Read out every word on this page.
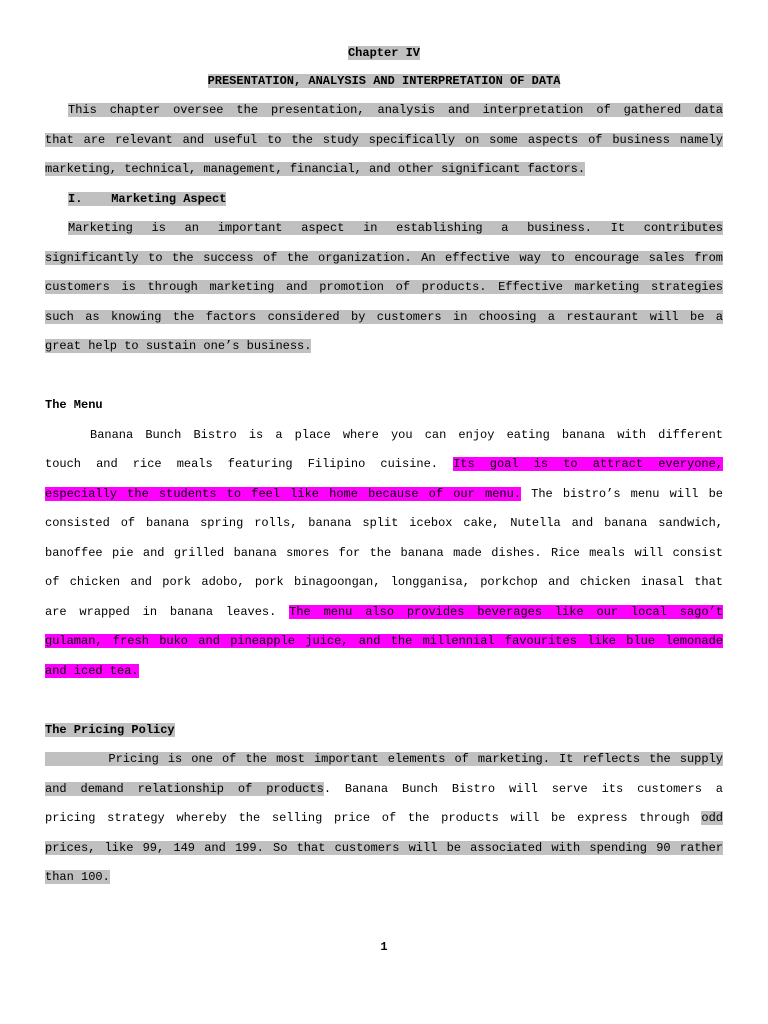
Chapter IV
PRESENTATION, ANALYSIS AND INTERPRETATION OF DATA
This chapter oversee the presentation, analysis and interpretation of gathered data
that are relevant and useful to the study specifically on some aspects of business namely
marketing, technical, management, financial, and other significant factors.
I. Marketing Aspect
Marketing is an important aspect in establishing a business. It contributes
significantly to the success of the organization. An effective way to encourage sales from
customers is through marketing and promotion of products. Effective marketing strategies
such as knowing the factors considered by customers in choosing a restaurant will be a
great help to sustain one’s business.
The Menu
Banana Bunch Bistro is a place where you can enjoy eating banana with different
touch and rice meals featuring Filipino cuisine. Its goal is to attract everyone,
especially the students to feel like home because of our menu. The bistro’s menu will be
consisted of banana spring rolls, banana split icebox cake, Nutella and banana sandwich,
banoffee pie and grilled banana smores for the banana made dishes. Rice meals will consist
of chicken and pork adobo, pork binagoongan, longganisa, porkchop and chicken inasal that
are wrapped in banana leaves. The menu also provides beverages like our local sago’t
gulaman, fresh buko and pineapple juice, and the millennial favourites like blue lemonade
and iced tea.
The Pricing Policy
Pricing is one of the most important elements of marketing. It reflects the supply
and demand relationship of products. Banana Bunch Bistro will serve its customers a
pricing strategy whereby the selling price of the products will be express through odd
prices, like 99, 149 and 199. So that customers will be associated with spending 90 rather
than 100.
1
